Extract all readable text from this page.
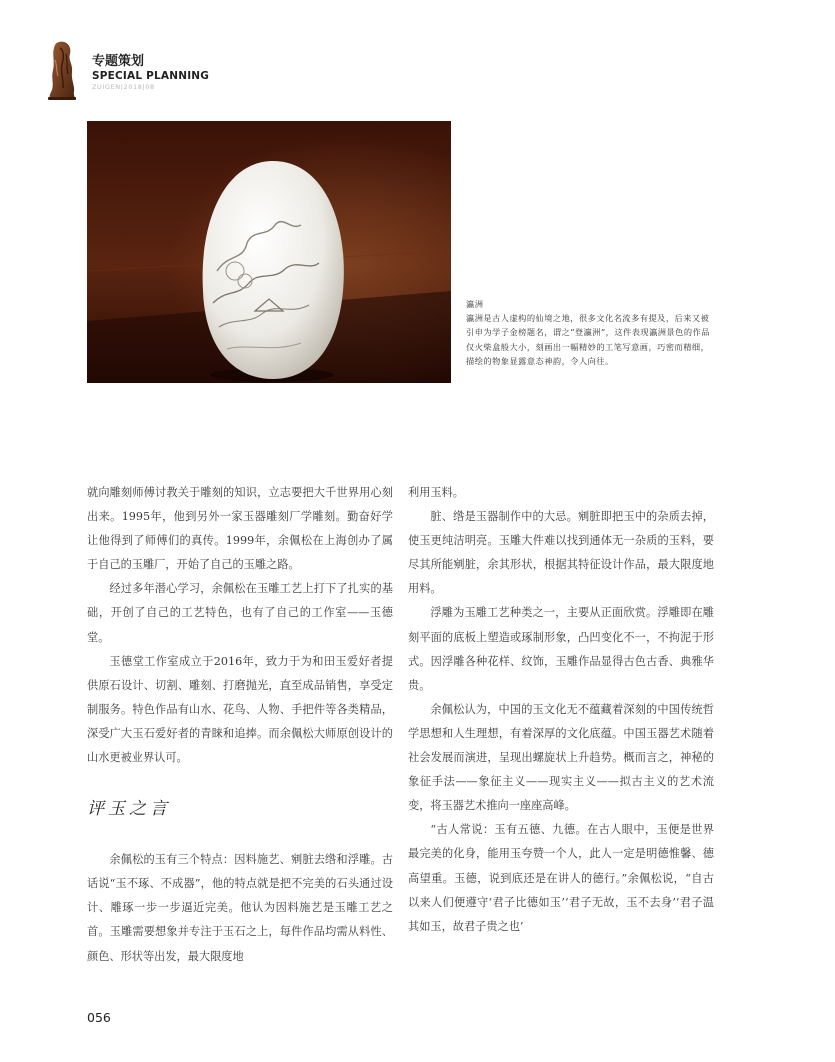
专题策划
SPECIAL PLANNING
ZUIGEN|2018|08

瀛洲

瀛洲是古人虚构的仙境之地，很多文化名流多有提及，后来又被引申为学子金榜题名，谓之“登瀛洲”，这件表现瀛洲景色的作品仅火柴盒般大小，刻画出一幅精妙的工笔写意画，巧密而精细，描绘的物象显露意态神韵，令人向往。

就向雕刻师傅讨教关于雕刻的知识，立志要把大千世界用心刻出来。1995年，他到另外一家玉器雕刻厂学雕刻。勤奋好学让他得到了师傅们的真传。1999年，余佩松在上海创办了属于自己的玉雕厂，开始了自己的玉雕之路。

经过多年潜心学习，余佩松在玉雕工艺上打下了扎实的基础，开创了自己的工艺特色，也有了自己的工作室——玉德堂。

玉德堂工作室成立于2016年，致力于为和田玉爱好者提供原石设计、切割、雕刻、打磨抛光，直至成品销售，享受定制服务。特色作品有山水、花鸟、人物、手把件等各类精品，深受广大玉石爱好者的青睐和追捧。而余佩松大师原创设计的山水更被业界认可。

评玉之言

余佩松的玉有三个特点：因料施艺、剜脏去绺和浮雕。古话说“玉不琢、不成器”，他的特点就是把不完美的石头通过设计、雕琢一步一步逼近完美。他认为因料施艺是玉雕工艺之首。玉雕需要想象并专注于玉石之上，每件作品均需从料性、颜色、形状等出发，最大限度地

利用玉料。

脏、绺是玉器制作中的大忌。剜脏即把玉中的杂质去掉，使玉更纯洁明亮。玉雕大件难以找到通体无一杂质的玉料，要尽其所能剜脏，余其形状，根据其特征设计作品，最大限度地用料。

浮雕为玉雕工艺种类之一，主要从正面欣赏。浮雕即在雕刻平面的底板上塑造或琢制形象，凸凹变化不一，不拘泥于形式。因浮雕各种花样、纹饰，玉雕作品显得古色古香、典雅华贵。

余佩松认为，中国的玉文化无不蕴藏着深刻的中国传统哲学思想和人生理想，有着深厚的文化底蕴。中国玉器艺术随着社会发展而演进，呈现出螺旋状上升趋势。概而言之，神秘的象征手法——象征主义——现实主义——拟古主义的艺术流变，将玉器艺术推向一座座高峰。

“古人常说：玉有五德、九德。在古人眼中，玉便是世界最完美的化身，能用玉夸赞一个人，此人一定是明德惟馨、德高望重。玉德，说到底还是在讲人的德行。”余佩松说，“自古以来人们便遵守‘君子比德如玉’‘君子无故，玉不去身’‘君子温其如玉，故君子贵之也’

056
